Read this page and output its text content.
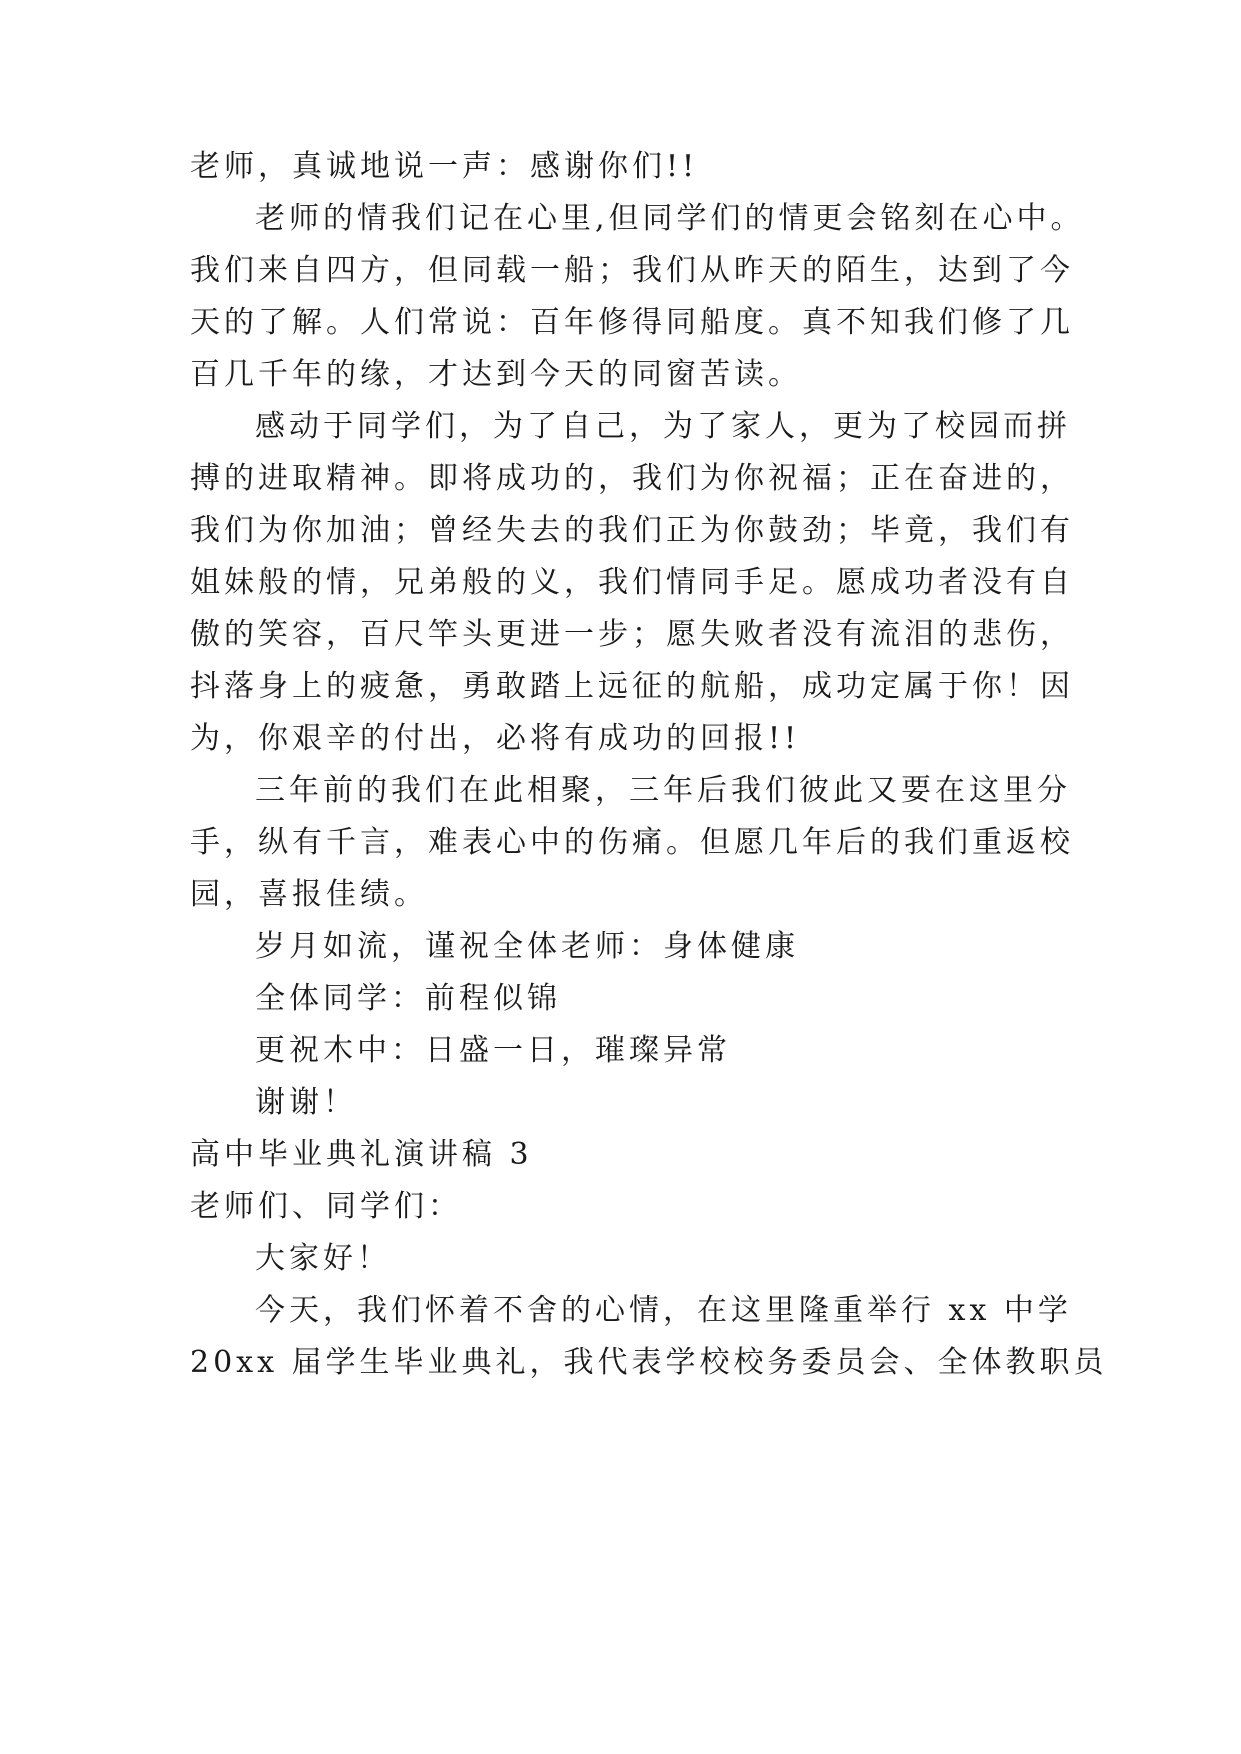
老师，真诚地说一声：感谢你们!!
老师的情我们记在心里,但同学们的情更会铭刻在心中。
我们来自四方，但同载一船；我们从昨天的陌生，达到了今
天的了解。人们常说：百年修得同船度。真不知我们修了几
百几千年的缘，才达到今天的同窗苦读。
感动于同学们，为了自己，为了家人，更为了校园而拼
搏的进取精神。即将成功的，我们为你祝福；正在奋进的，
我们为你加油；曾经失去的我们正为你鼓劲；毕竟，我们有
姐妹般的情，兄弟般的义，我们情同手足。愿成功者没有自
傲的笑容，百尺竿头更进一步；愿失败者没有流泪的悲伤，
抖落身上的疲惫，勇敢踏上远征的航船，成功定属于你！因
为，你艰辛的付出，必将有成功的回报!!
三年前的我们在此相聚，三年后我们彼此又要在这里分
手，纵有千言，难表心中的伤痛。但愿几年后的我们重返校
园，喜报佳绩。
岁月如流，谨祝全体老师：身体健康
全体同学：前程似锦
更祝木中：日盛一日，璀璨异常
谢谢！
高中毕业典礼演讲稿 3
老师们、同学们：
大家好！
今天，我们怀着不舍的心情，在这里隆重举行 xx 中学
20xx 届学生毕业典礼，我代表学校校务委员会、全体教职员
